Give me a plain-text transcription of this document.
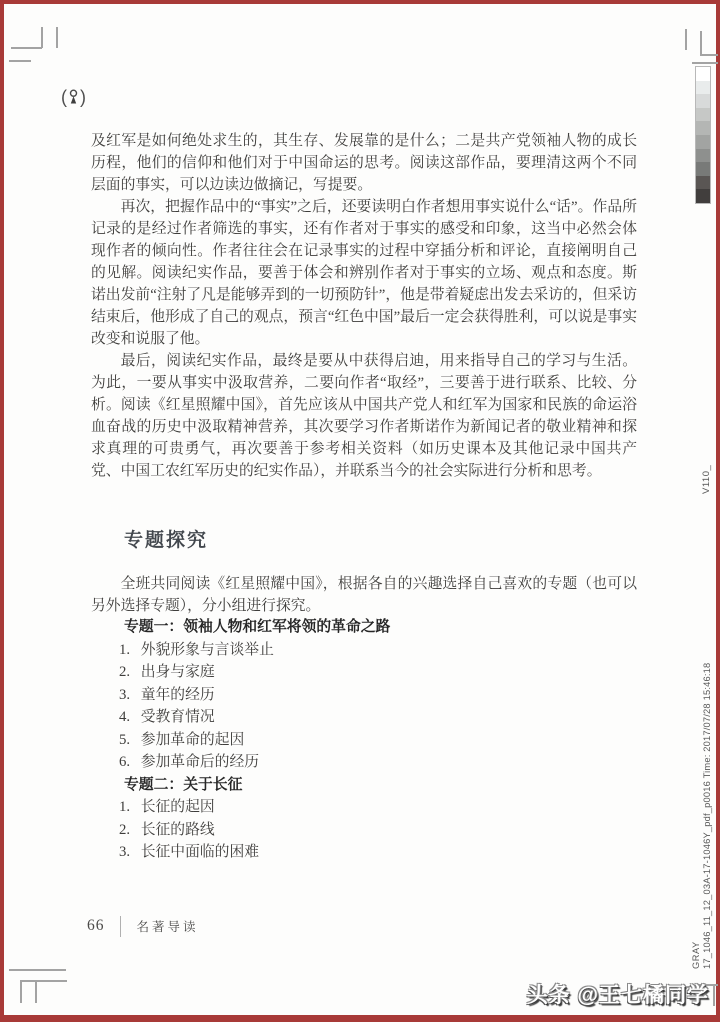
( )

及红军是如何绝处求生的，其生存、发展靠的是什么；二是共产党领袖人物的成长历程，他们的信仰和他们对于中国命运的思考。阅读这部作品，要理清这两个不同层面的事实，可以边读边做摘记，写提要。

再次，把握作品中的“事实”之后，还要读明白作者想用事实说什么“话”。作品所记录的是经过作者筛选的事实，还有作者对于事实的感受和印象，这当中必然会体现作者的倾向性。作者往往会在记录事实的过程中穿插分析和评论，直接阐明自己的见解。阅读纪实作品，要善于体会和辨别作者对于事实的立场、观点和态度。斯诺出发前“注射了凡是能够弄到的一切预防针”，他是带着疑虑出发去采访的，但采访结束后，他形成了自己的观点，预言“红色中国”最后一定会获得胜利，可以说是事实改变和说服了他。

最后，阅读纪实作品，最终是要从中获得启迪，用来指导自己的学习与生活。为此，一要从事实中汲取营养，二要向作者“取经”，三要善于进行联系、比较、分析。阅读《红星照耀中国》，首先应该从中国共产党人和红军为国家和民族的命运浴血奋战的历史中汲取精神营养，其次要学习作者斯诺作为新闻记者的敬业精神和探求真理的可贵勇气，再次要善于参考相关资料（如历史课本及其他记录中国共产党、中国工农红军历史的纪实作品），并联系当今的社会实际进行分析和思考。

专题探究

全班共同阅读《红星照耀中国》，根据各自的兴趣选择自己喜欢的专题（也可以另外选择专题），分小组进行探究。

专题一：领袖人物和红军将领的革命之路
1. 外貌形象与言谈举止
2. 出身与家庭
3. 童年的经历
4. 受教育情况
5. 参加革命的起因
6. 参加革命后的经历
专题二：关于长征
1. 长征的起因
2. 长征的路线
3. 长征中面临的困难
66	名著导读
V110_
17_1046_11_12_03A-17-1046Y_pdf_p0016 Time: 2017/07/28 15:46:18
GRAY
头条 @王七橘同学
